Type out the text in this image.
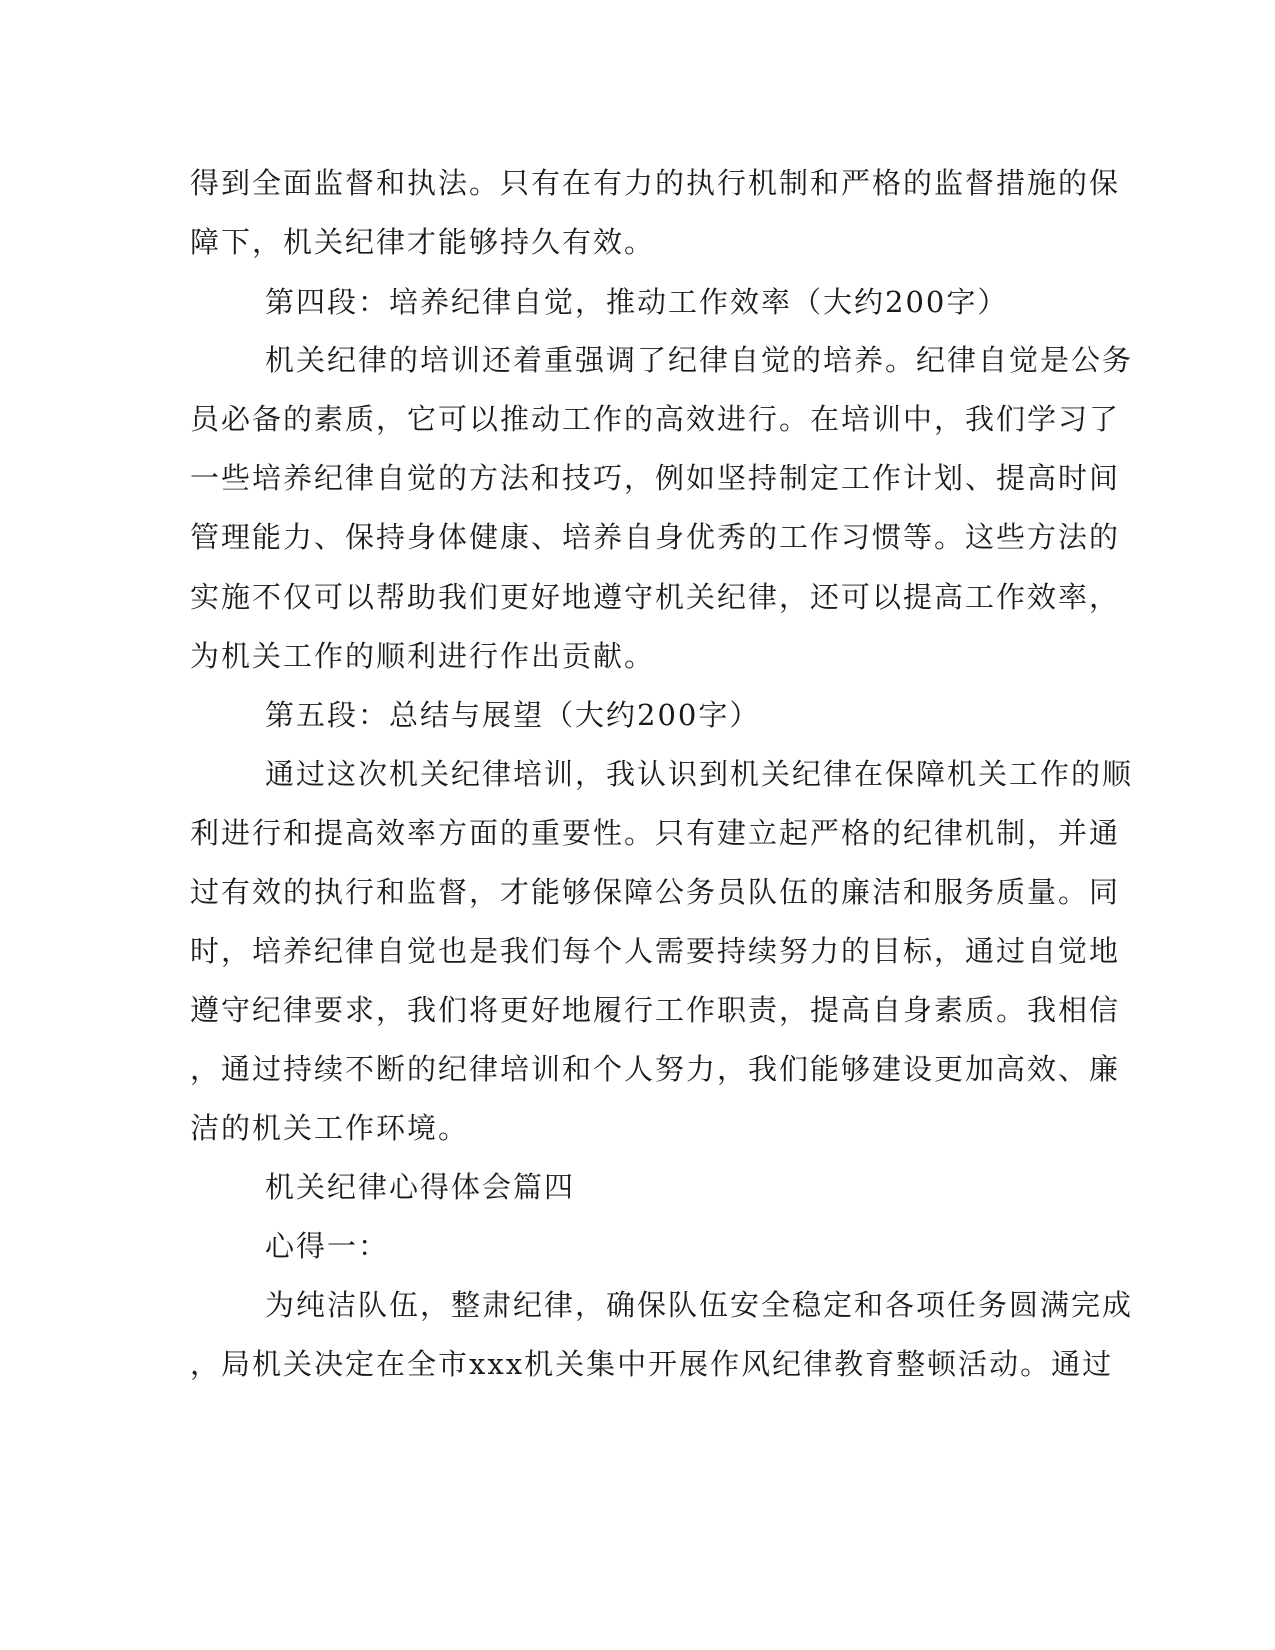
得到全面监督和执法。只有在有力的执行机制和严格的监督措施的保
障下，机关纪律才能够持久有效。
第四段：培养纪律自觉，推动工作效率（大约200字）
机关纪律的培训还着重强调了纪律自觉的培养。纪律自觉是公务
员必备的素质，它可以推动工作的高效进行。在培训中，我们学习了
一些培养纪律自觉的方法和技巧，例如坚持制定工作计划、提高时间
管理能力、保持身体健康、培养自身优秀的工作习惯等。这些方法的
实施不仅可以帮助我们更好地遵守机关纪律，还可以提高工作效率，
为机关工作的顺利进行作出贡献。
第五段：总结与展望（大约200字）
通过这次机关纪律培训，我认识到机关纪律在保障机关工作的顺
利进行和提高效率方面的重要性。只有建立起严格的纪律机制，并通
过有效的执行和监督，才能够保障公务员队伍的廉洁和服务质量。同
时，培养纪律自觉也是我们每个人需要持续努力的目标，通过自觉地
遵守纪律要求，我们将更好地履行工作职责，提高自身素质。我相信
，通过持续不断的纪律培训和个人努力，我们能够建设更加高效、廉
洁的机关工作环境。
机关纪律心得体会篇四
心得一：
为纯洁队伍，整肃纪律，确保队伍安全稳定和各项任务圆满完成
，局机关决定在全市xxx机关集中开展作风纪律教育整顿活动。通过
